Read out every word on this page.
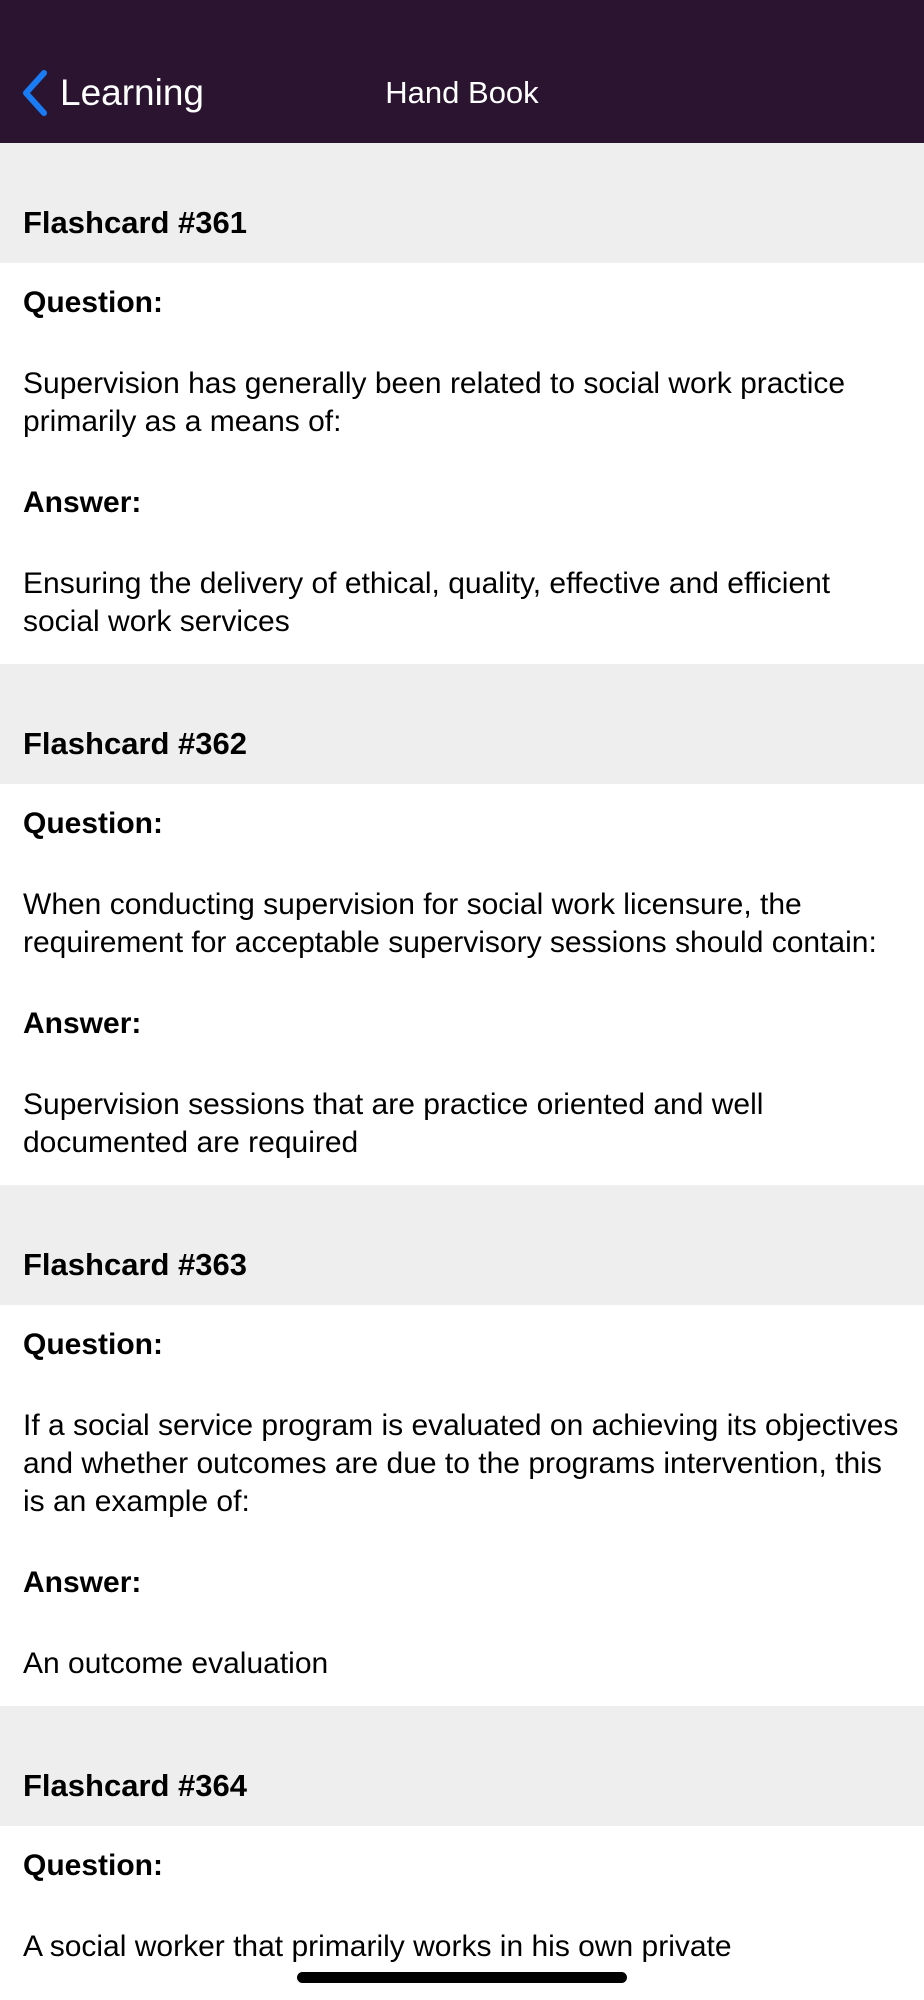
Learning	Hand Book
Flashcard #361
Question:
Supervision has generally been related to social work practice primarily as a means of:
Answer:
Ensuring the delivery of ethical, quality, effective and efficient social work services
Flashcard #362
Question:
When conducting supervision for social work licensure, the requirement for acceptable supervisory sessions should contain:
Answer:
Supervision sessions that are practice oriented and well documented are required
Flashcard #363
Question:
If a social service program is evaluated on achieving its objectives and whether outcomes are due to the programs intervention, this is an example of:
Answer:
An outcome evaluation
Flashcard #364
Question:
A social worker that primarily works in his own private
